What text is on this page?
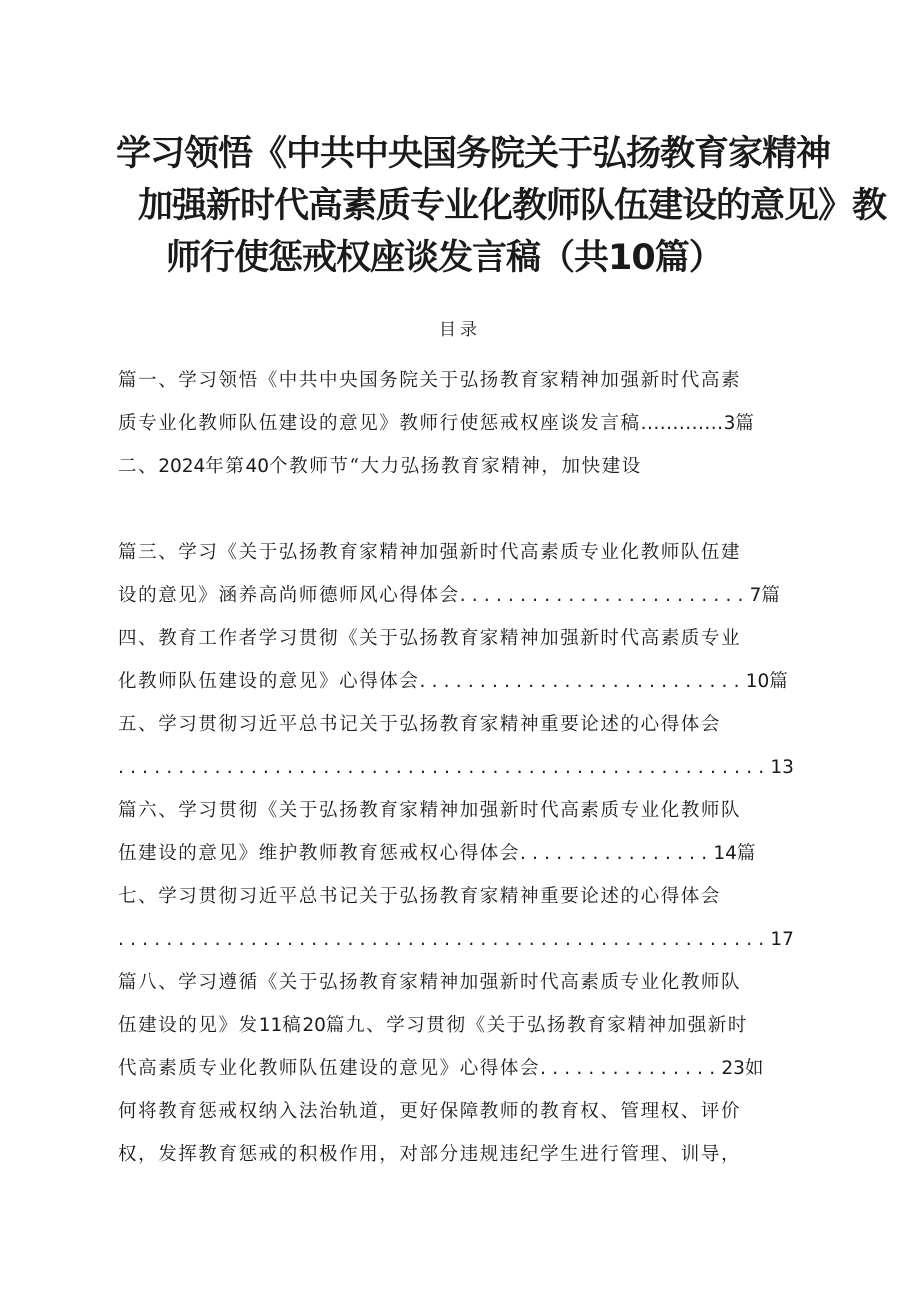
学习领悟《中共中央国务院关于弘扬教育家精神
加强新时代高素质专业化教师队伍建设的意见》教
师行使惩戒权座谈发言稿（共10篇）
目录
篇一、学习领悟《中共中央国务院关于弘扬教育家精神加强新时代高素
质专业化教师队伍建设的意见》教师行使惩戒权座谈发言稿.............3篇
二、2024年第40个教师节“大力弘扬教育家精神，加快建设
篇三、学习《关于弘扬教育家精神加强新时代高素质专业化教师队伍建
设的意见》涵养高尚师德师风心得体会........................7篇
四、教育工作者学习贯彻《关于弘扬教育家精神加强新时代高素质专业
化教师队伍建设的意见》心得体会...........................10篇
五、学习贯彻习近平总书记关于弘扬教育家精神重要论述的心得体会
......................................................13
篇六、学习贯彻《关于弘扬教育家精神加强新时代高素质专业化教师队
伍建设的意见》维护教师教育惩戒权心得体会................14篇
七、学习贯彻习近平总书记关于弘扬教育家精神重要论述的心得体会
......................................................17
篇八、学习遵循《关于弘扬教育家精神加强新时代高素质专业化教师队
伍建设的见》发11稿20篇九、学习贯彻《关于弘扬教育家精神加强新时
代高素质专业化教师队伍建设的意见》心得体会...............23如
何将教育惩戒权纳入法治轨道，更好保障教师的教育权、管理权、评价
权，发挥教育惩戒的积极作用，对部分违规违纪学生进行管理、训导，
